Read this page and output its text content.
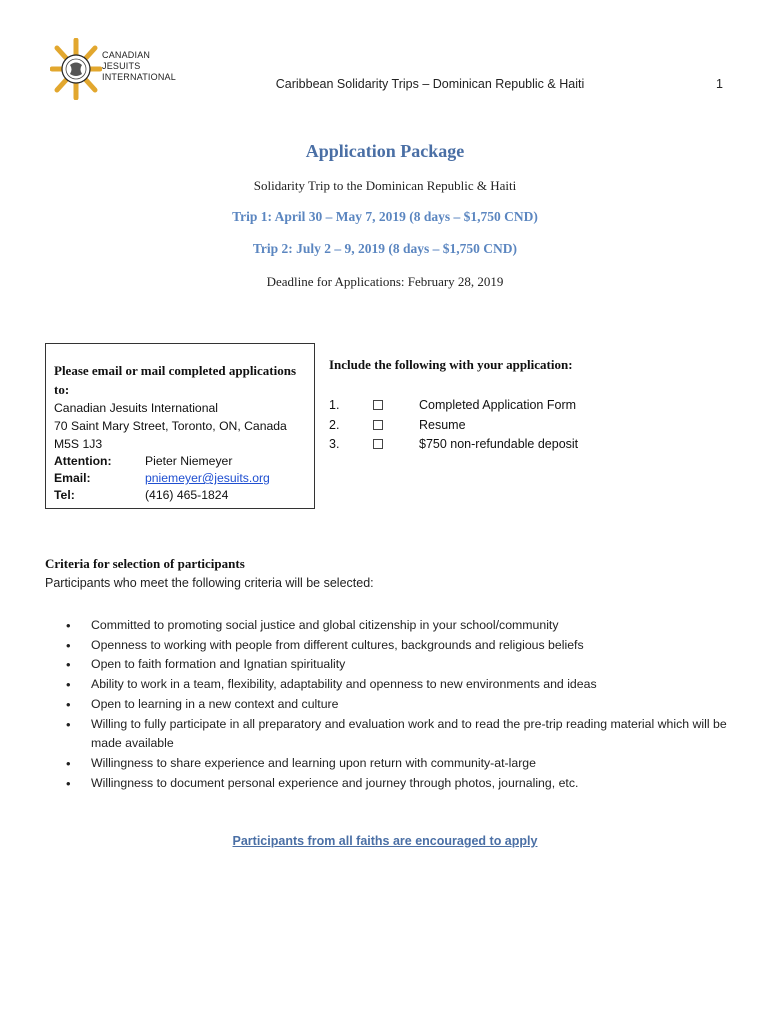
CANADIAN
JESUITS
INTERNATIONAL	Caribbean Solidarity Trips – Dominican Republic & Haiti	1
Application Package
Solidarity Trip to the Dominican Republic & Haiti
Trip 1: April 30 – May 7, 2019 (8 days – $1,750 CND)
Trip 2: July 2 – 9, 2019 (8 days – $1,750 CND)
Deadline for Applications: February 28, 2019
Please email or mail completed applications to:
Canadian Jesuits International
70 Saint Mary Street, Toronto, ON, Canada
M5S 1J3
Attention:	Pieter Niemeyer
Email:	pniemeyer@jesuits.org
Tel:	(416) 465-1824
Include the following with your application:
1.	Completed Application Form
2.	Resume
3.	$750 non-refundable deposit
Criteria for selection of participants
Participants who meet the following criteria will be selected:
• Committed to promoting social justice and global citizenship in your school/community
• Openness to working with people from different cultures, backgrounds and religious beliefs
• Open to faith formation and Ignatian spirituality
• Ability to work in a team, flexibility, adaptability and openness to new environments and ideas
• Open to learning in a new context and culture
• Willing to fully participate in all preparatory and evaluation work and to read the pre-trip reading material which will be made available
• Willingness to share experience and learning upon return with community-at-large
• Willingness to document personal experience and journey through photos, journaling, etc.
Participants from all faiths are encouraged to apply
